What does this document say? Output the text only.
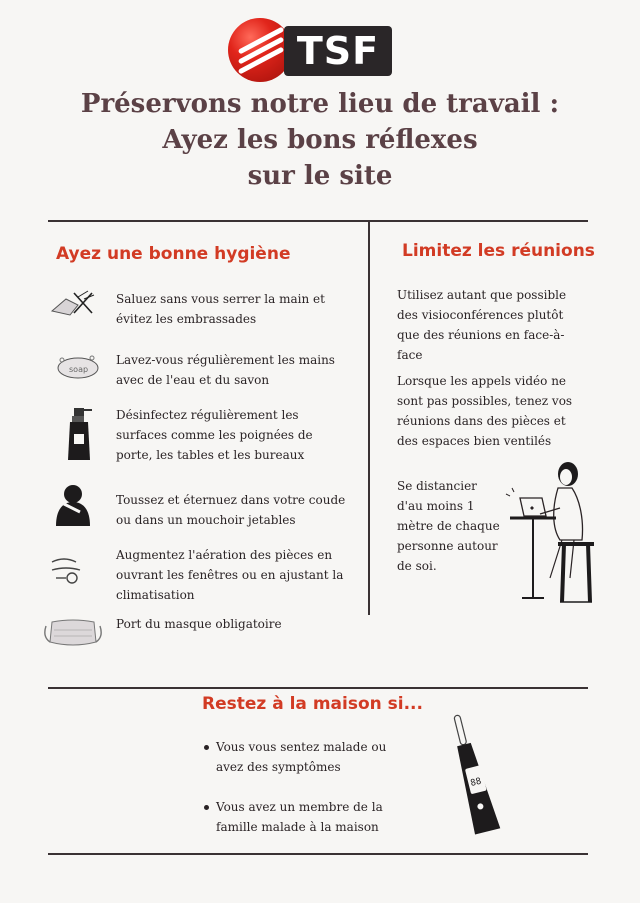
TSF
Préservons notre lieu de travail :
Ayez les bons réflexes
sur le site
Ayez une bonne hygiène
Saluez sans vous serrer la main et évitez les embrassades
soap
Lavez-vous régulièrement les mains avec de l'eau et du savon
Désinfectez régulièrement les surfaces comme les poignées de porte, les tables et les bureaux
Toussez et éternuez dans votre coude ou dans un mouchoir jetables
Augmentez l'aération des pièces en ouvrant les fenêtres ou en ajustant la climatisation
Port du masque obligatoire
Limitez les réunions
Utilisez autant que possible des visioconférences plutôt que des réunions en face-à-face
Lorsque les appels vidéo ne sont pas possibles, tenez vos réunions dans des pièces et des espaces bien ventilés
Se distancier d'au moins 1 mètre de chaque personne autour de soi.
Restez à la maison si...
Vous vous sentez malade ou avez des symptômes
Vous avez un membre de la famille malade à la maison
88
